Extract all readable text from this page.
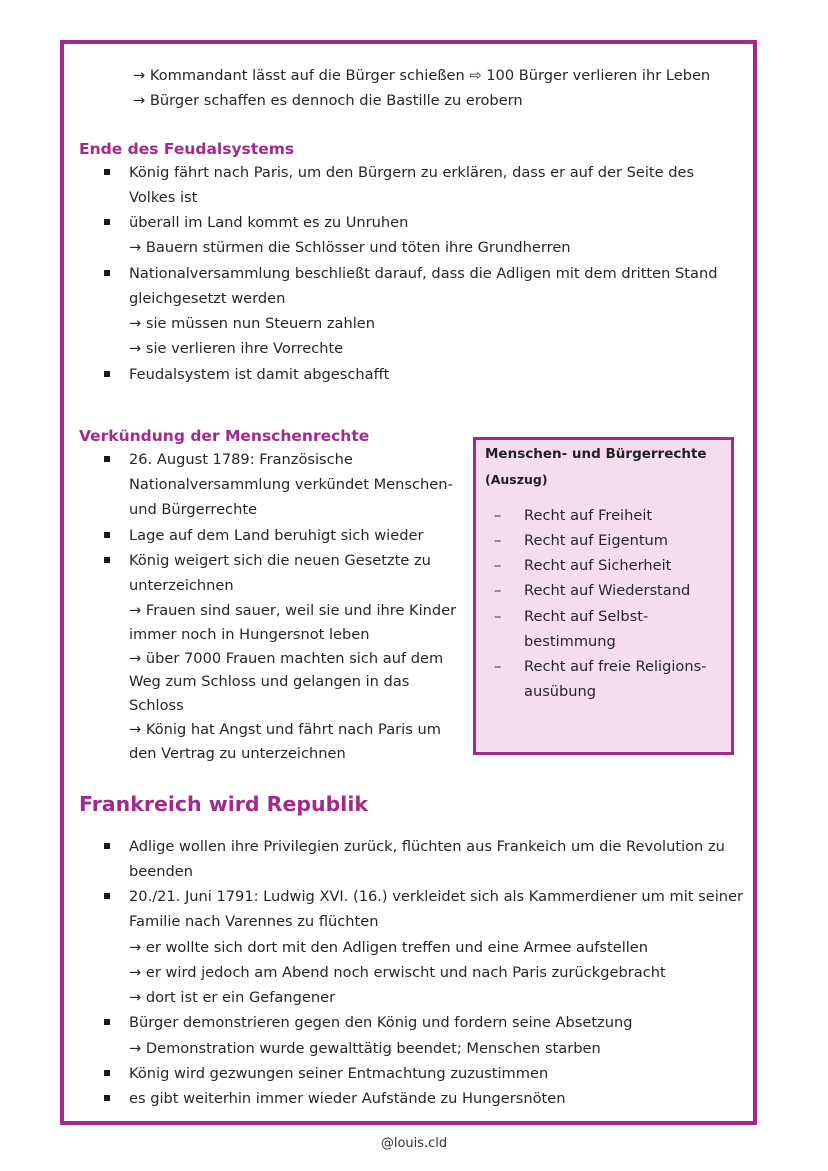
→ Kommandant lässt auf die Bürger schießen ⇨ 100 Bürger verlieren ihr Leben
→ Bürger schaffen es dennoch die Bastille zu erobern
Ende des Feudalsystems
König fährt nach Paris, um den Bürgern zu erklären, dass er auf der Seite des
Volkes ist
überall im Land kommt es zu Unruhen
→ Bauern stürmen die Schlösser und töten ihre Grundherren
Nationalversammlung beschließt darauf, dass die Adligen mit dem dritten Stand
gleichgesetzt werden
→ sie müssen nun Steuern zahlen
→ sie verlieren ihre Vorrechte
Feudalsystem ist damit abgeschafft
Verkündung der Menschenrechte
26. August 1789: Französische
Nationalversammlung verkündet Menschen-
und Bürgerrechte
Lage auf dem Land beruhigt sich wieder
König weigert sich die neuen Gesetzte zu
unterzeichnen
→ Frauen sind sauer, weil sie und ihre Kinder
immer noch in Hungersnot leben
→ über 7000 Frauen machten sich auf dem
Weg zum Schloss und gelangen in das
Schloss
→ König hat Angst und fährt nach Paris um
den Vertrag zu unterzeichnen
Menschen- und Bürgerrechte
(Auszug)
– Recht auf Freiheit
– Recht auf Eigentum
– Recht auf Sicherheit
– Recht auf Wiederstand
– Recht auf Selbst-
bestimmung
– Recht auf freie Religions-
ausübung
Frankreich wird Republik
Adlige wollen ihre Privilegien zurück, flüchten aus Frankeich um die Revolution zu
beenden
20./21. Juni 1791: Ludwig XVI. (16.) verkleidet sich als Kammerdiener um mit seiner
Familie nach Varennes zu flüchten
→ er wollte sich dort mit den Adligen treffen und eine Armee aufstellen
→ er wird jedoch am Abend noch erwischt und nach Paris zurückgebracht
→ dort ist er ein Gefangener
Bürger demonstrieren gegen den König und fordern seine Absetzung
→ Demonstration wurde gewalttätig beendet; Menschen starben
König wird gezwungen seiner Entmachtung zuzustimmen
es gibt weiterhin immer wieder Aufstände zu Hungersnöten
@louis.cld
